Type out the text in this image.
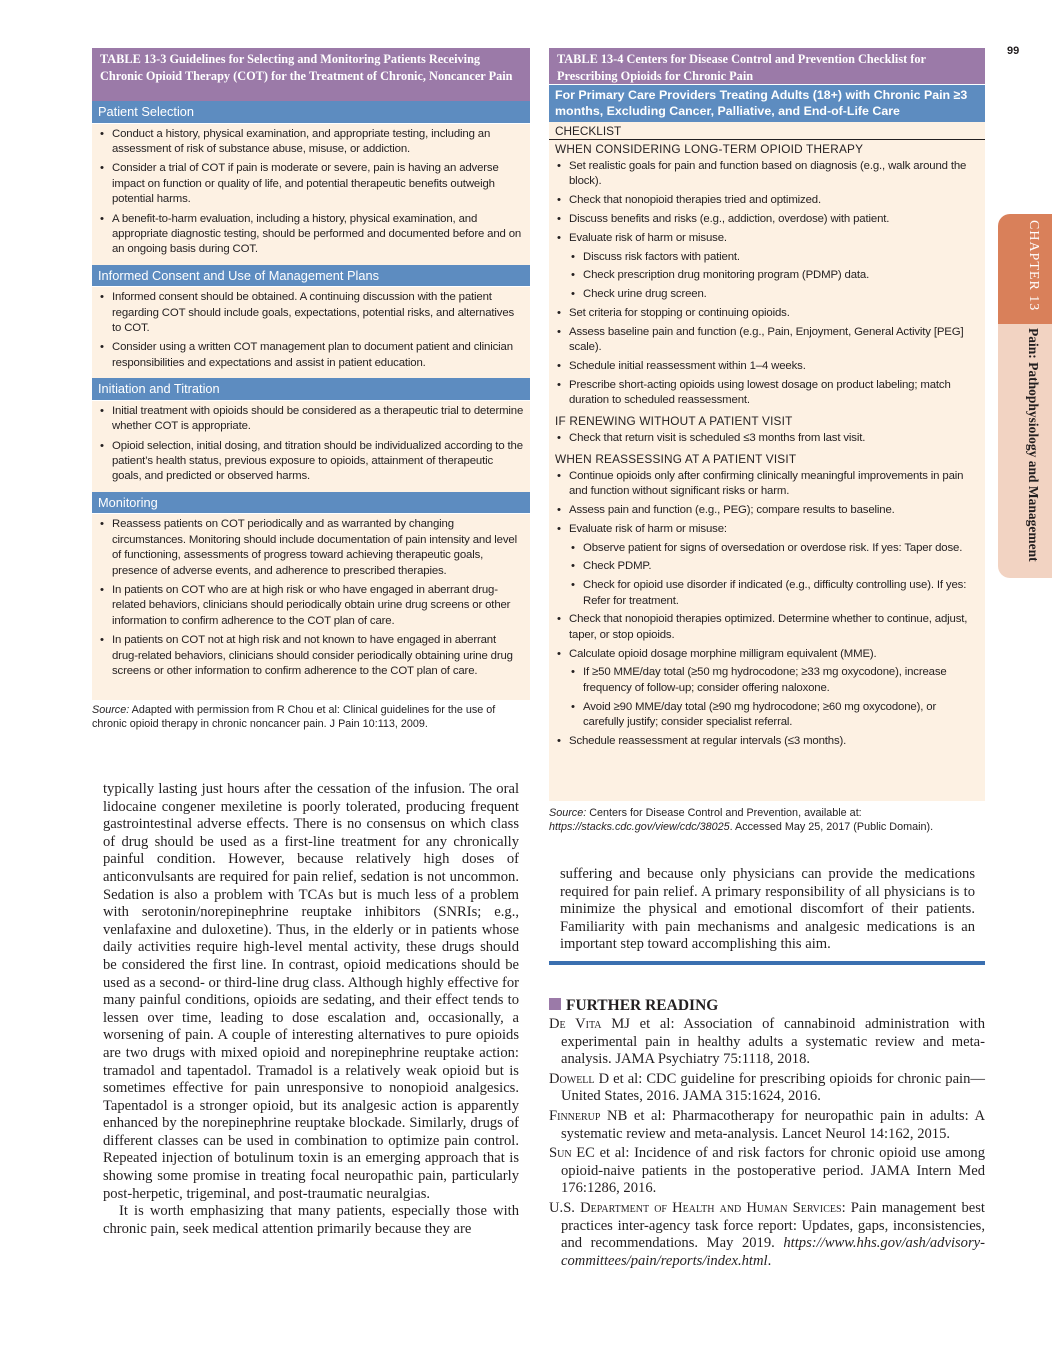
99
CHAPTER 13
Pain: Pathophysiology and Management
TABLE 13-3 Guidelines for Selecting and Monitoring Patients Receiving Chronic Opioid Therapy (COT) for the Treatment of Chronic, Noncancer Pain
Patient Selection
• Conduct a history, physical examination, and appropriate testing, including an assessment of risk of substance abuse, misuse, or addiction.
• Consider a trial of COT if pain is moderate or severe, pain is having an adverse impact on function or quality of life, and potential therapeutic benefits outweigh potential harms.
• A benefit-to-harm evaluation, including a history, physical examination, and appropriate diagnostic testing, should be performed and documented before and on an ongoing basis during COT.
Informed Consent and Use of Management Plans
• Informed consent should be obtained. A continuing discussion with the patient regarding COT should include goals, expectations, potential risks, and alternatives to COT.
• Consider using a written COT management plan to document patient and clinician responsibilities and expectations and assist in patient education.
Initiation and Titration
• Initial treatment with opioids should be considered as a therapeutic trial to determine whether COT is appropriate.
• Opioid selection, initial dosing, and titration should be individualized according to the patient’s health status, previous exposure to opioids, attainment of therapeutic goals, and predicted or observed harms.
Monitoring
• Reassess patients on COT periodically and as warranted by changing circumstances. Monitoring should include documentation of pain intensity and level of functioning, assessments of progress toward achieving therapeutic goals, presence of adverse events, and adherence to prescribed therapies.
• In patients on COT who are at high risk or who have engaged in aberrant drug-related behaviors, clinicians should periodically obtain urine drug screens or other information to confirm adherence to the COT plan of care.
• In patients on COT not at high risk and not known to have engaged in aberrant drug-related behaviors, clinicians should consider periodically obtaining urine drug screens or other information to confirm adherence to the COT plan of care.
Source: Adapted with permission from R Chou et al: Clinical guidelines for the use of chronic opioid therapy in chronic noncancer pain. J Pain 10:113, 2009.
TABLE 13-4 Centers for Disease Control and Prevention Checklist for Prescribing Opioids for Chronic Pain
For Primary Care Providers Treating Adults (18+) with Chronic Pain ≥3 months, Excluding Cancer, Palliative, and End-of-Life Care
CHECKLIST
WHEN CONSIDERING LONG-TERM OPIOID THERAPY
• Set realistic goals for pain and function based on diagnosis (e.g., walk around the block).
• Check that nonopioid therapies tried and optimized.
• Discuss benefits and risks (e.g., addiction, overdose) with patient.
• Evaluate risk of harm or misuse.
• Discuss risk factors with patient.
• Check prescription drug monitoring program (PDMP) data.
• Check urine drug screen.
• Set criteria for stopping or continuing opioids.
• Assess baseline pain and function (e.g., Pain, Enjoyment, General Activity [PEG] scale).
• Schedule initial reassessment within 1–4 weeks.
• Prescribe short-acting opioids using lowest dosage on product labeling; match duration to scheduled reassessment.
IF RENEWING WITHOUT A PATIENT VISIT
• Check that return visit is scheduled ≤3 months from last visit.
WHEN REASSESSING AT A PATIENT VISIT
• Continue opioids only after confirming clinically meaningful improvements in pain and function without significant risks or harm.
• Assess pain and function (e.g., PEG); compare results to baseline.
• Evaluate risk of harm or misuse:
• Observe patient for signs of oversedation or overdose risk. If yes: Taper dose.
• Check PDMP.
• Check for opioid use disorder if indicated (e.g., difficulty controlling use). If yes: Refer for treatment.
• Check that nonopioid therapies optimized. Determine whether to continue, adjust, taper, or stop opioids.
• Calculate opioid dosage morphine milligram equivalent (MME).
• If ≥50 MME/day total (≥50 mg hydrocodone; ≥33 mg oxycodone), increase frequency of follow-up; consider offering naloxone.
• Avoid ≥90 MME/day total (≥90 mg hydrocodone; ≥60 mg oxycodone), or carefully justify; consider specialist referral.
• Schedule reassessment at regular intervals (≤3 months).
Source: Centers for Disease Control and Prevention, available at: https://stacks.cdc.gov/view/cdc/38025. Accessed May 25, 2017 (Public Domain).

typically lasting just hours after the cessation of the infusion. The oral lidocaine congener mexiletine is poorly tolerated, producing frequent gastrointestinal adverse effects. There is no consensus on which class of drug should be used as a first-line treatment for any chronically painful condition. However, because relatively high doses of anticonvulsants are required for pain relief, sedation is not uncommon. Sedation is also a problem with TCAs but is much less of a problem with serotonin/norepinephrine reuptake inhibitors (SNRIs; e.g., venlafaxine and duloxetine). Thus, in the elderly or in patients whose daily activities require high-level mental activity, these drugs should be considered the first line. In contrast, opioid medications should be used as a second- or third-line drug class. Although highly effective for many painful conditions, opioids are sedating, and their effect tends to lessen over time, leading to dose escalation and, occasionally, a worsening of pain. A couple of interesting alternatives to pure opioids are two drugs with mixed opioid and norepinephrine reuptake action: tramadol and tapentadol. Tramadol is a relatively weak opioid but is sometimes effective for pain unresponsive to nonopioid analgesics. Tapentadol is a stronger opioid, but its analgesic action is apparently enhanced by the norepinephrine reuptake blockade. Similarly, drugs of different classes can be used in combination to optimize pain control. Repeated injection of botulinum toxin is an emerging approach that is showing some promise in treating focal neuropathic pain, particularly post-herpetic, trigeminal, and post-traumatic neuralgias.

It is worth emphasizing that many patients, especially those with chronic pain, seek medical attention primarily because they are

suffering and because only physicians can provide the medications required for pain relief. A primary responsibility of all physicians is to minimize the physical and emotional discomfort of their patients. Familiarity with pain mechanisms and analgesic medications is an important step toward accomplishing this aim.

FURTHER READING

De Vita MJ et al: Association of cannabinoid administration with experimental pain in healthy adults a systematic review and meta-analysis. JAMA Psychiatry 75:1118, 2018.

Dowell D et al: CDC guideline for prescribing opioids for chronic pain—United States, 2016. JAMA 315:1624, 2016.

Finnerup NB et al: Pharmacotherapy for neuropathic pain in adults: A systematic review and meta-analysis. Lancet Neurol 14:162, 2015.

Sun EC et al: Incidence of and risk factors for chronic opioid use among opioid-naive patients in the postoperative period. JAMA Intern Med 176:1286, 2016.

U.S. Department of Health and Human Services: Pain management best practices inter-agency task force report: Updates, gaps, inconsistencies, and recommendations. May 2019. https://www.hhs.gov/ash/advisory-committees/pain/reports/index.html.
